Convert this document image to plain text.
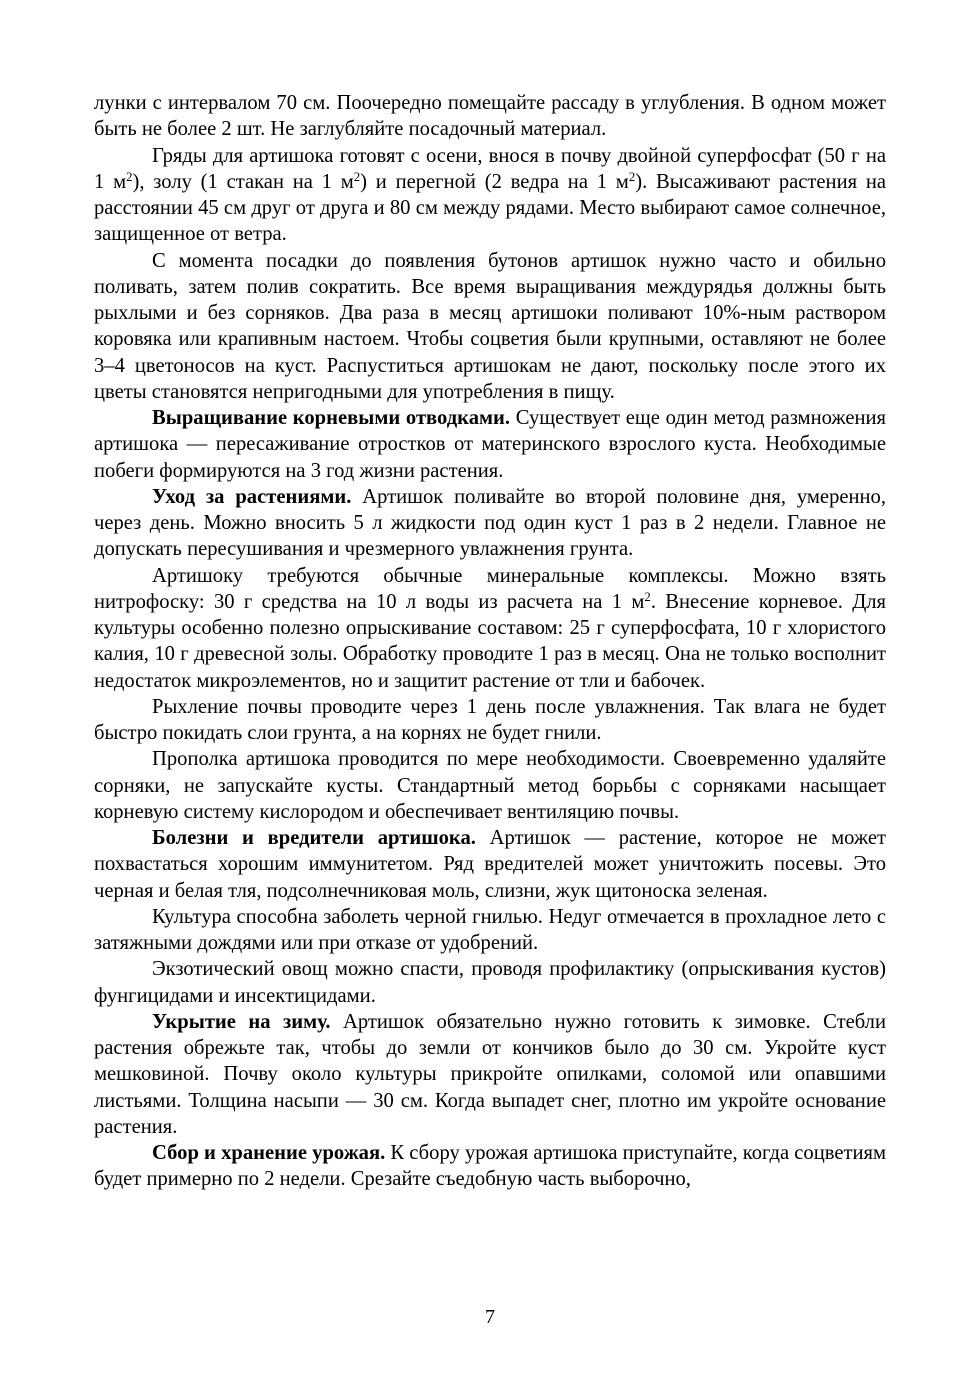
лунки с интервалом 70 см. Поочередно помещайте рассаду в углубления. В одном может быть не более 2 шт. Не заглубляйте посадочный материал.

Гряды для артишока готовят с осени, внося в почву двойной суперфосфат (50 г на 1 $м^2$), золу (1 стакан на 1 $м^2$) и перегной (2 ведра на 1 $м^2$). Высаживают растения на расстоянии 45 см друг от друга и 80 см между рядами. Место выбирают самое солнечное, защищенное от ветра.

С момента посадки до появления бутонов артишок нужно часто и обильно поливать, затем полив сократить. Все время выращивания междурядья должны быть рыхлыми и без сорняков. Два раза в месяц артишоки поливают 10%-ным раствором коровяка или крапивным настоем. Чтобы соцветия были крупными, оставляют не более 3–4 цветоносов на куст. Распуститься артишокам не дают, поскольку после этого их цветы становятся непригодными для употребления в пищу.

Выращивание корневыми отводками. Существует еще один метод размножения артишока — пересаживание отростков от материнского взрослого куста. Необходимые побеги формируются на 3 год жизни растения.

Уход за растениями. Артишок поливайте во второй половине дня, умеренно, через день. Можно вносить 5 л жидкости под один куст 1 раз в 2 недели. Главное не допускать пересушивания и чрезмерного увлажнения грунта.

Артишоку требуются обычные минеральные комплексы. Можно взять нитрофоску: 30 г средства на 10 л воды из расчета на 1 $м^2$. Внесение корневое. Для культуры особенно полезно опрыскивание составом: 25 г суперфосфата, 10 г хлористого калия, 10 г древесной золы. Обработку проводите 1 раз в месяц. Она не только восполнит недостаток микроэлементов, но и защитит растение от тли и бабочек.

Рыхление почвы проводите через 1 день после увлажнения. Так влага не будет быстро покидать слои грунта, а на корнях не будет гнили.

Прополка артишока проводится по мере необходимости. Своевременно удаляйте сорняки, не запускайте кусты. Стандартный метод борьбы с сорняками насыщает корневую систему кислородом и обеспечивает вентиляцию почвы.

Болезни и вредители артишока. Артишок — растение, которое не может похвастаться хорошим иммунитетом. Ряд вредителей может уничтожить посевы. Это черная и белая тля, подсолнечниковая моль, слизни, жук щитоноска зеленая.

Культура способна заболеть черной гнилью. Недуг отмечается в прохладное лето с затяжными дождями или при отказе от удобрений.

Экзотический овощ можно спасти, проводя профилактику (опрыскивания кустов) фунгицидами и инсектицидами.

Укрытие на зиму. Артишок обязательно нужно готовить к зимовке. Стебли растения обрежьте так, чтобы до земли от кончиков было до 30 см. Укройте куст мешковиной. Почву около культуры прикройте опилками, соломой или опавшими листьями. Толщина насыпи — 30 см. Когда выпадет снег, плотно им укройте основание растения.

Сбор и хранение урожая. К сбору урожая артишока приступайте, когда соцветиям будет примерно по 2 недели. Срезайте съедобную часть выборочно,

7
